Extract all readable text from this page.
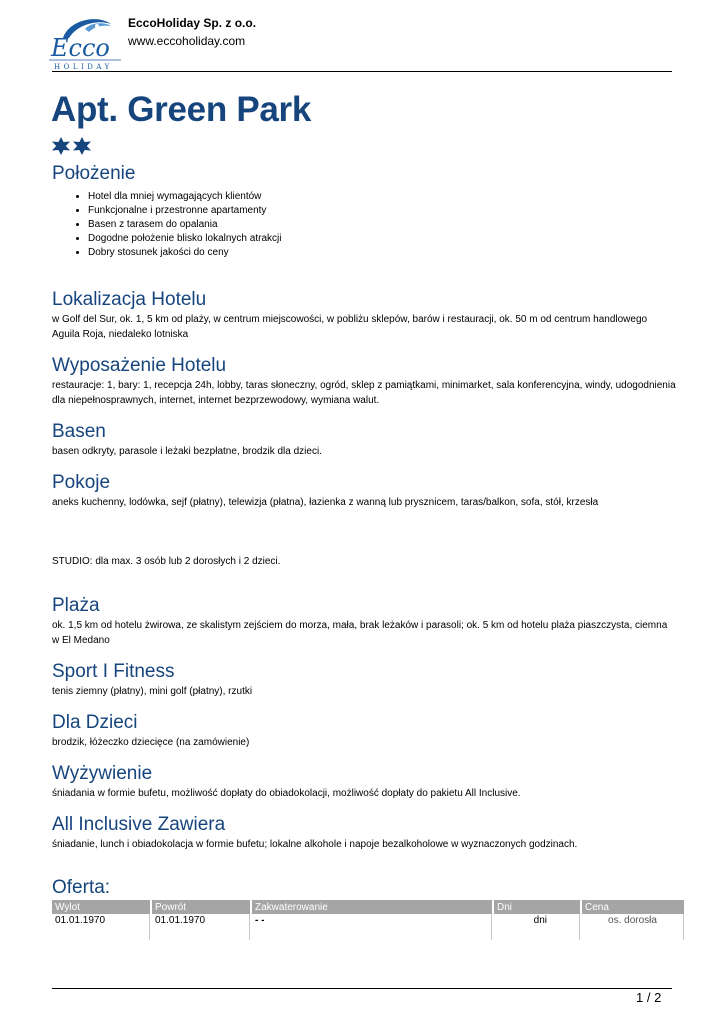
Ecco
HOLIDAY
EccoHoliday Sp. z o.o.
www.eccoholiday.com
Apt. Green Park
Położenie
• Hotel dla mniej wymagających klientów
• Funkcjonalne i przestronne apartamenty
• Basen z tarasem do opalania
• Dogodne położenie blisko lokalnych atrakcji
• Dobry stosunek jakości do ceny
Lokalizacja Hotelu

w Golf del Sur, ok. 1, 5 km od plaży, w centrum miejscowości, w pobliżu sklepów, barów i restauracji, ok. 50 m od centrum handlowego Aguila Roja, niedaleko lotniska

Wyposażenie Hotelu

restauracje: 1, bary: 1, recepcja 24h, lobby, taras słoneczny, ogród, sklep z pamiątkami, minimarket, sala konferencyjna, windy, udogodnienia dla niepełnosprawnych, internet, internet bezprzewodowy, wymiana walut.

Basen

basen odkryty, parasole i leżaki bezpłatne, brodzik dla dzieci.

Pokoje

aneks kuchenny, lodówka, sejf (płatny), telewizja (płatna), łazienka z wanną lub prysznicem, taras/balkon, sofa, stół, krzesła

STUDIO: dla max. 3 osób lub 2 dorosłych i 2 dzieci.

Plaża

ok. 1,5 km od hotelu żwirowa, ze skalistym zejściem do morza, mała, brak leżaków i parasoli; ok. 5 km od hotelu plaża piaszczysta, ciemna w El Medano

Sport I Fitness

tenis ziemny (płatny), mini golf (płatny), rzutki

Dla Dzieci

brodzik, łóżeczko dziecięce (na zamówienie)

Wyżywienie

śniadania w formie bufetu, możliwość dopłaty do obiadokolacji, możliwość dopłaty do pakietu All Inclusive.

All Inclusive Zawiera

śniadanie, lunch i obiadokolacja w formie bufetu; lokalne alkohole i napoje bezalkoholowe w wyznaczonych godzinach.

Oferta:
Wylot	Powrót	Zakwaterowanie	Dni	Cena
01.01.1970	01.01.1970	- -	dni	os. dorosła
1 / 2
